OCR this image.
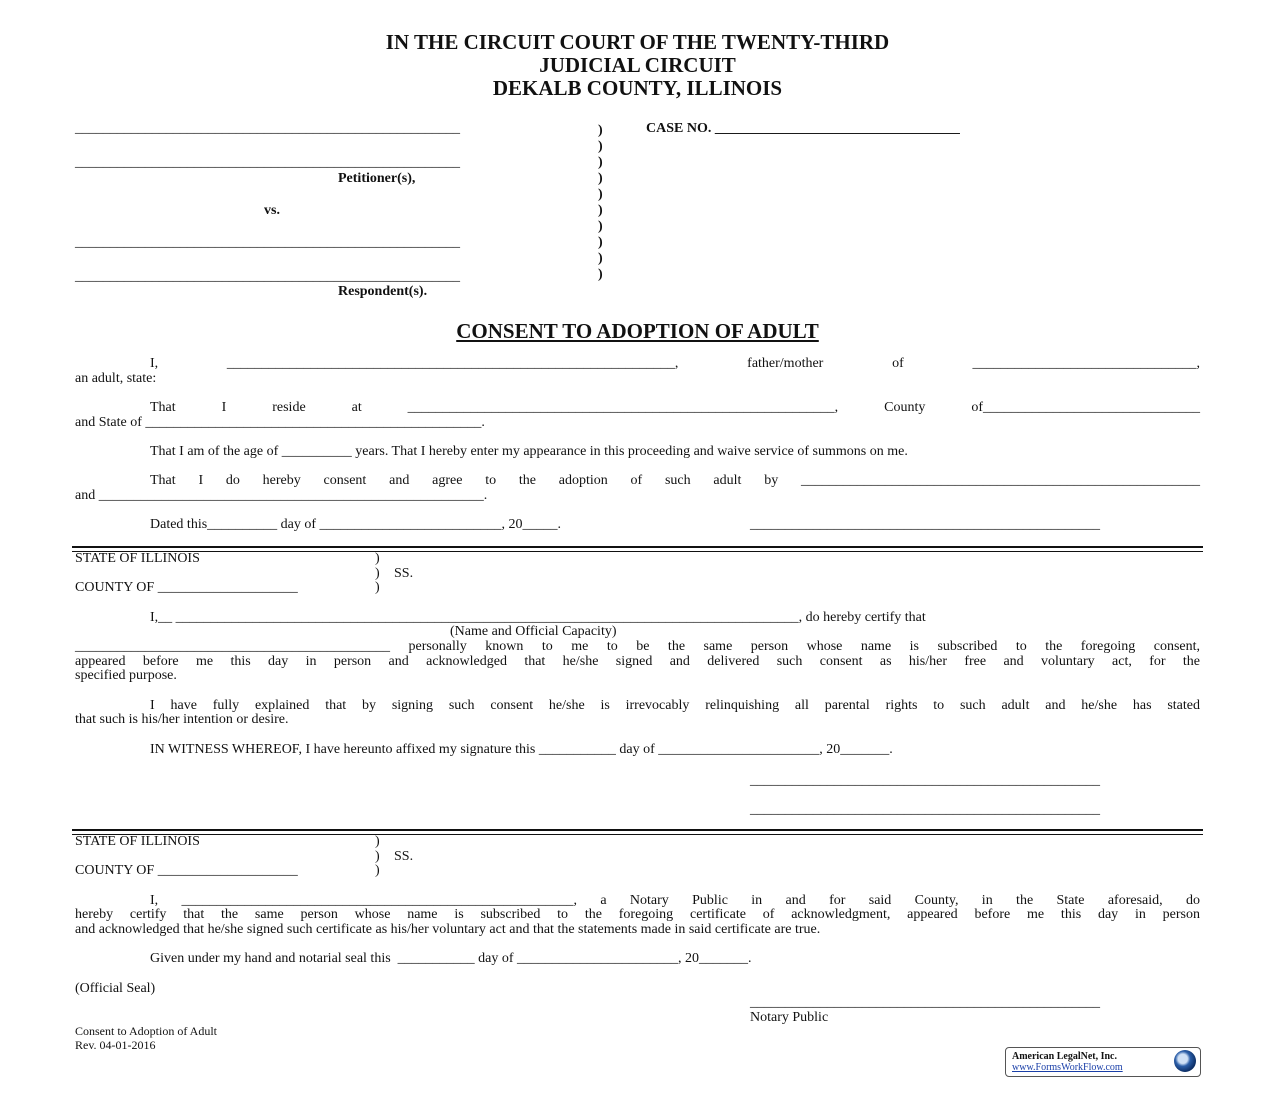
IN THE CIRCUIT COURT OF THE TWENTY-THIRD
JUDICIAL CIRCUIT
DEKALB COUNTY, ILLINOIS
_______________________________________________________
_______________________________________________________
Petitioner(s),
vs.
_______________________________________________________
_______________________________________________________
Respondent(s).
)
)
)
)
)
)
)
)
)
)
CASE NO. ___________________________________
CONSENT TO ADOPTION OF ADULT
I, ________________________________________________________________, father/mother of ________________________________,
an adult, state:
That I reside at _____________________________________________________________, County of_______________________________
and State of ________________________________________________.
That I am of the age of __________ years. That I hereby enter my appearance in this proceeding and waive service of summons on me.
That I do hereby consent and agree to the adoption of such adult by _________________________________________________________
and _______________________________________________________.
Dated this__________ day of __________________________, 20_____.	__________________________________________________
STATE OF ILLINOIS	)
) SS.
COUNTY OF ____________________	)
I,__ _________________________________________________________________________________________, do hereby certify that
(Name and Official Capacity)
_____________________________________________ personally known to me to be the same person whose name is subscribed to the foregoing consent,
appeared before me this day in person and acknowledged that he/she signed and delivered such consent as his/her free and voluntary act, for the
specified purpose.
I have fully explained that by signing such consent he/she is irrevocably relinquishing all parental rights to such adult and he/she has stated
that such is his/her intention or desire.
IN WITNESS WHEREOF, I have hereunto affixed my signature this ___________ day of _______________________, 20_______.
__________________________________________________
__________________________________________________
STATE OF ILLINOIS	)
) SS.
COUNTY OF ____________________	)
I, ________________________________________________________, a Notary Public in and for said County, in the State aforesaid, do
hereby certify that the same person whose name is subscribed to the foregoing certificate of acknowledgment, appeared before me this day in person
and acknowledged that he/she signed such certificate as his/her voluntary act and that the statements made in said certificate are true.
Given under my hand and notarial seal this  ___________ day of _______________________, 20_______.
(Official Seal)
__________________________________________________
Notary Public
Consent to Adoption of Adult
Rev. 04-01-2016
American LegalNet, Inc.
www.FormsWorkFlow.com
